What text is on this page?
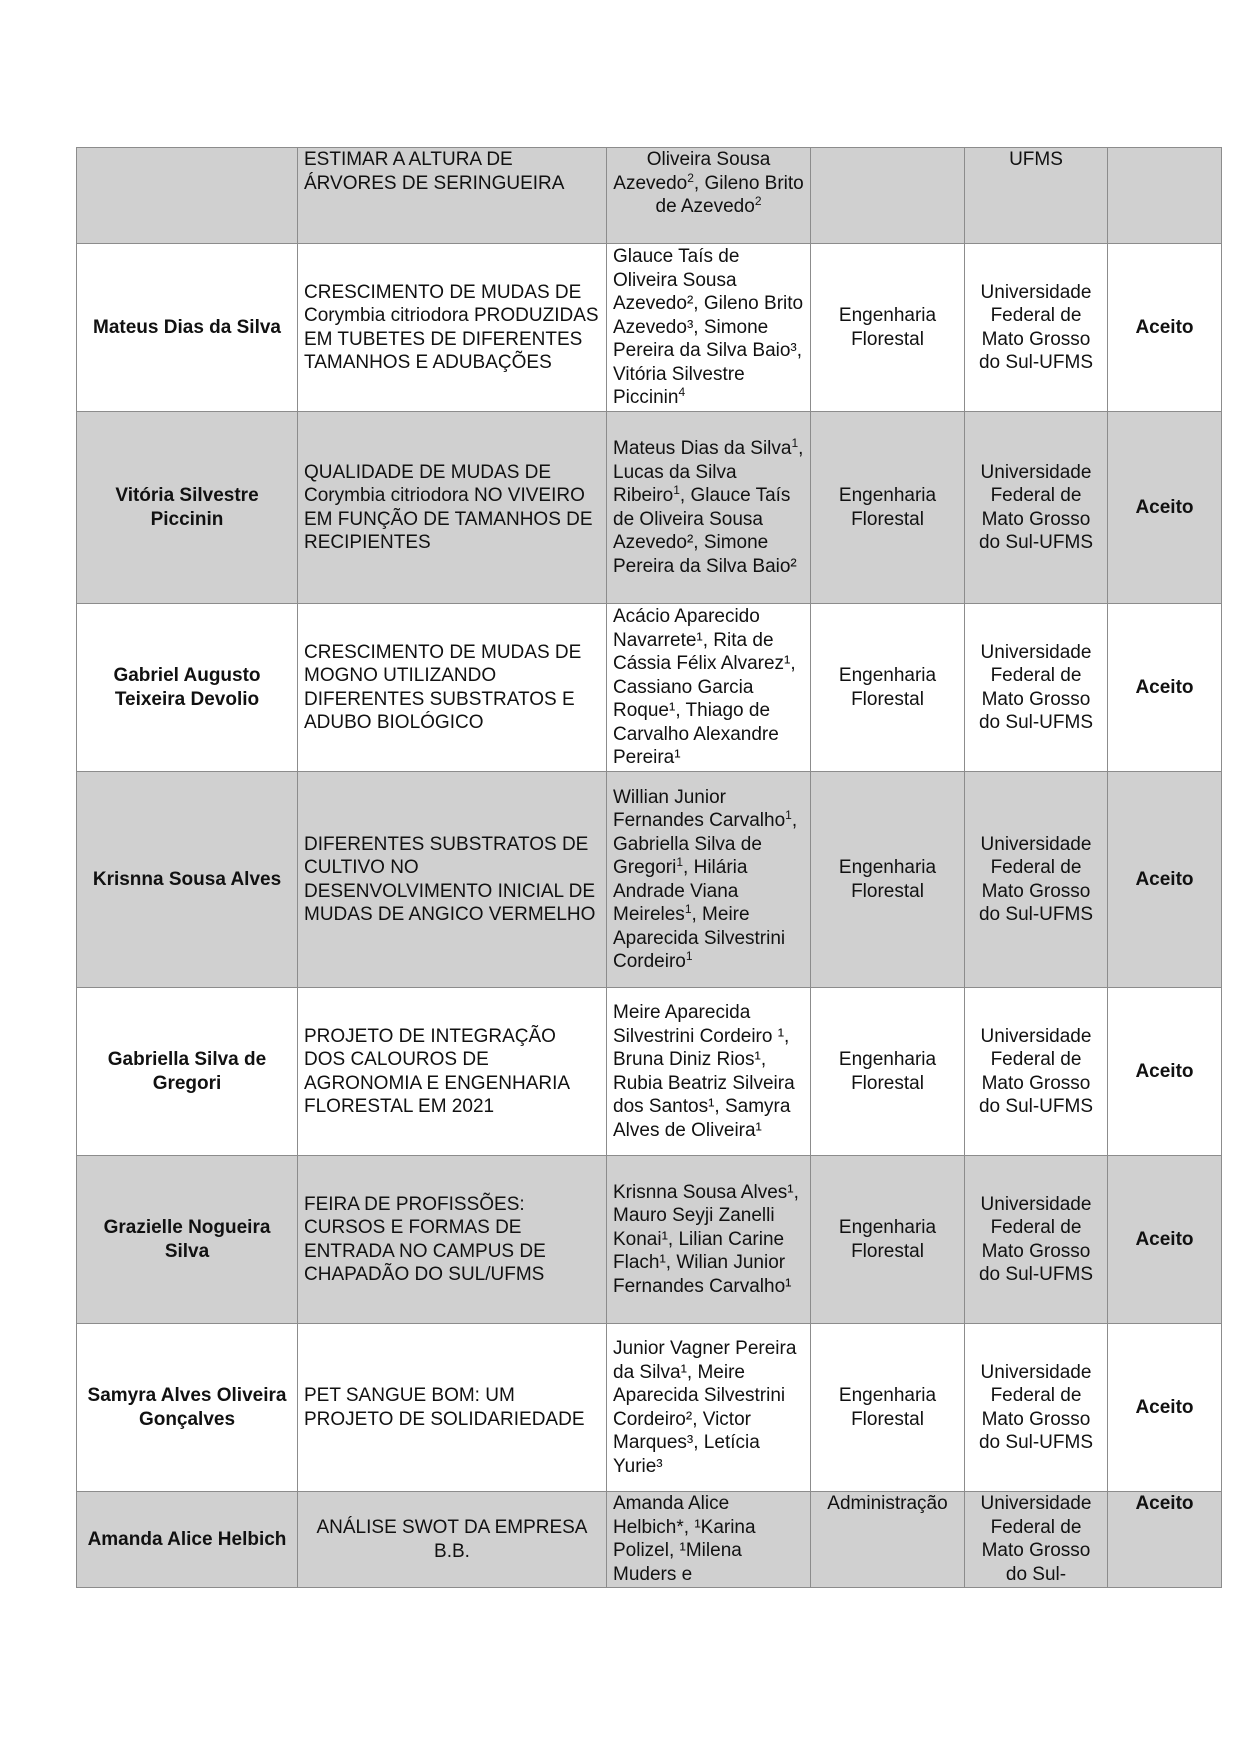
	ESTIMAR A ALTURA DE ÁRVORES DE SERINGUEIRA	Oliveira Sousa Azevedo$^2$, Gileno Brito de Azevedo$^2$		UFMS	
Mateus Dias da Silva	CRESCIMENTO DE MUDAS DE Corymbia citriodora PRODUZIDAS EM TUBETES DE DIFERENTES TAMANHOS E ADUBAÇÕES	Glauce Taís de Oliveira Sousa Azevedo², Gileno Brito Azevedo³, Simone Pereira da Silva Baio³, Vitória Silvestre Piccinin$^4$	Engenharia Florestal	Universidade Federal de Mato Grosso do Sul-UFMS	Aceito
Vitória Silvestre Piccinin	QUALIDADE DE MUDAS DE Corymbia citriodora NO VIVEIRO EM FUNÇÃO DE TAMANHOS DE RECIPIENTES	Mateus Dias da Silva$^1$, Lucas da Silva Ribeiro$^1$, Glauce Taís de Oliveira Sousa Azevedo², Simone Pereira da Silva Baio²	Engenharia Florestal	Universidade Federal de Mato Grosso do Sul-UFMS	Aceito
Gabriel Augusto Teixeira Devolio	CRESCIMENTO DE MUDAS DE MOGNO UTILIZANDO DIFERENTES SUBSTRATOS E ADUBO BIOLÓGICO	Acácio Aparecido Navarrete¹, Rita de Cássia Félix Alvarez¹, Cassiano Garcia Roque¹, Thiago de Carvalho Alexandre Pereira¹	Engenharia Florestal	Universidade Federal de Mato Grosso do Sul-UFMS	Aceito
Krisnna Sousa Alves	DIFERENTES SUBSTRATOS DE CULTIVO NO DESENVOLVIMENTO INICIAL DE MUDAS DE ANGICO VERMELHO	Willian Junior Fernandes Carvalho$^1$, Gabriella Silva de Gregori$^1$, Hilária Andrade Viana Meireles$^1$, Meire Aparecida Silvestrini Cordeiro$^1$	Engenharia Florestal	Universidade Federal de Mato Grosso do Sul-UFMS	Aceito
Gabriella Silva de Gregori	PROJETO DE INTEGRAÇÃO DOS CALOUROS DE AGRONOMIA E ENGENHARIA FLORESTAL EM 2021	Meire Aparecida Silvestrini Cordeiro ¹, Bruna Diniz Rios¹, Rubia Beatriz Silveira dos Santos¹, Samyra Alves de Oliveira¹	Engenharia Florestal	Universidade Federal de Mato Grosso do Sul-UFMS	Aceito
Grazielle Nogueira Silva	FEIRA DE PROFISSÕES: CURSOS E FORMAS DE ENTRADA NO CAMPUS DE CHAPADÃO DO SUL/UFMS	Krisnna Sousa Alves¹, Mauro Seyji Zanelli Konai¹, Lilian Carine Flach¹, Wilian Junior Fernandes Carvalho¹	Engenharia Florestal	Universidade Federal de Mato Grosso do Sul-UFMS	Aceito
Samyra Alves Oliveira Gonçalves	PET SANGUE BOM: UM PROJETO DE SOLIDARIEDADE	Junior Vagner Pereira da Silva¹, Meire Aparecida Silvestrini Cordeiro², Victor Marques³, Letícia Yurie³	Engenharia Florestal	Universidade Federal de Mato Grosso do Sul-UFMS	Aceito
Amanda Alice Helbich	ANÁLISE SWOT DA EMPRESA B.B.	Amanda Alice Helbich*, ¹Karina Polizel, ¹Milena Muders e	Administração	Universidade Federal de Mato Grosso do Sul-	Aceito
